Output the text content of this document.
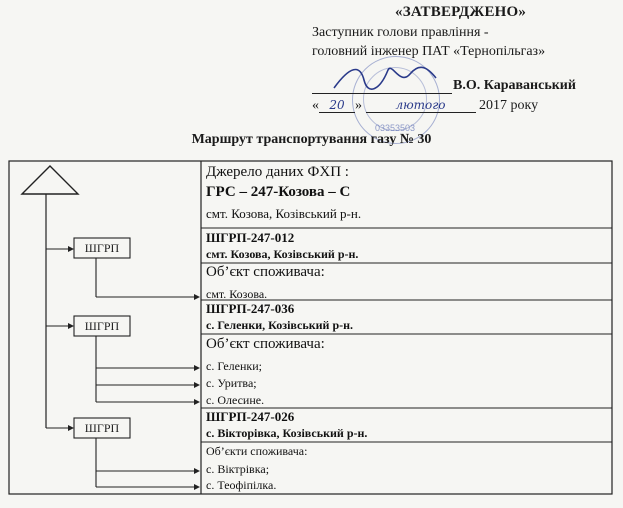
«ЗАТВЕРДЖЕНО»
Заступник голови правління -
головний інженер ПАТ «Тернопільгаз»
03353503
В.О. Караванський
« 20 »	лютого 2017 року
Маршрут транспортування газу № 30
ШГРП
ШГРП
ШГРП
Джерело даних ФХП :
ГРС – 247-Козова – С
смт. Козова, Козівський р-н.
ШГРП-247-012
смт. Козова, Козівський р-н.
Об’єкт споживача:
смт. Козова.
ШГРП-247-036
с. Геленки, Козівський р-н.
Об’єкт споживача:
с. Геленки;
с. Уритва;
с. Олесине.
ШГРП-247-026
с. Вікторівка, Козівський р-н.
Об’єкти споживача:
с. Віктрівка;
с. Теофіпілка.
